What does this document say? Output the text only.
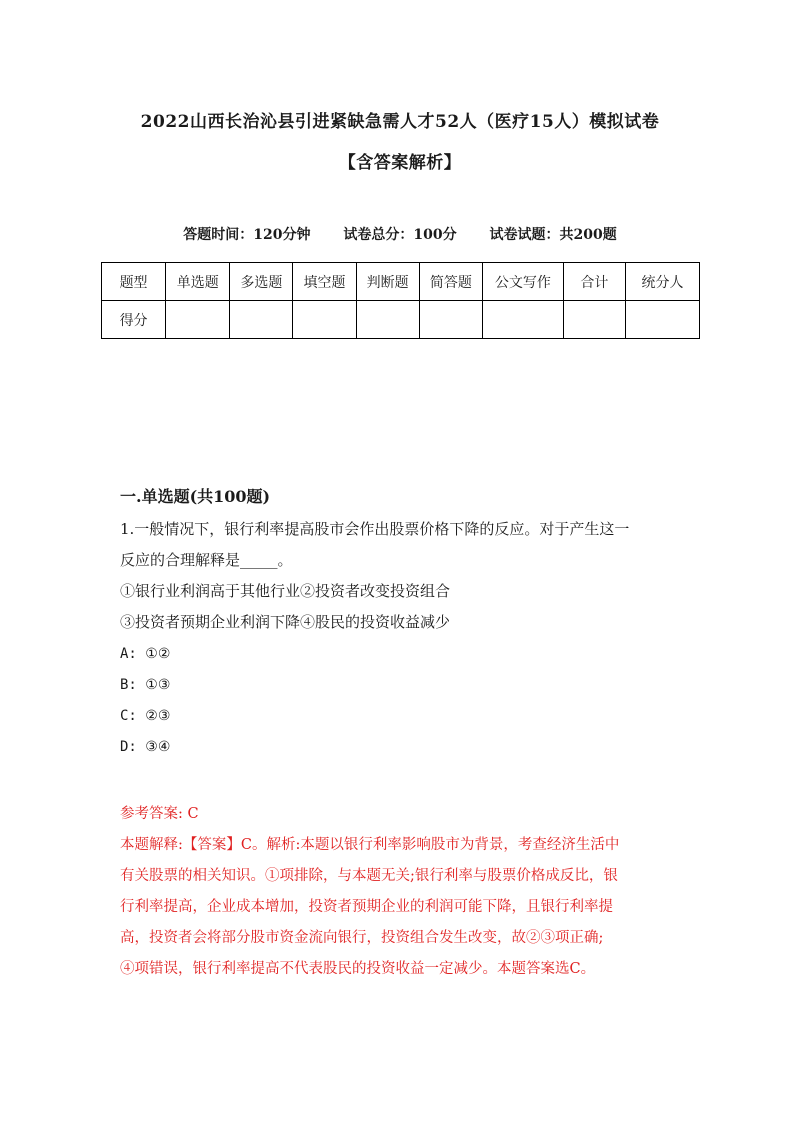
2022山西长治沁县引进紧缺急需人才52人（医疗15人）模拟试卷
【含答案解析】
答题时间：120分钟 试卷总分：100分 试卷试题：共200题
题型	单选题	多选题	填空题	判断题	简答题	公文写作	合计	统分人
得分								
一.单选题(共100题)
1.一般情况下，银行利率提高股市会作出股票价格下降的反应。对于产生这一
反应的合理解释是_____。
①银行业利润高于其他行业②投资者改变投资组合
③投资者预期企业利润下降④股民的投资收益减少
A: ①②
B: ①③
C: ②③
D: ③④
参考答案: C
本题解释:【答案】C。解析:本题以银行利率影响股市为背景，考查经济生活中
有关股票的相关知识。①项排除，与本题无关;银行利率与股票价格成反比，银
行利率提高，企业成本增加，投资者预期企业的利润可能下降，且银行利率提
高，投资者会将部分股市资金流向银行，投资组合发生改变，故②③项正确;
④项错误，银行利率提高不代表股民的投资收益一定减少。本题答案选C。
